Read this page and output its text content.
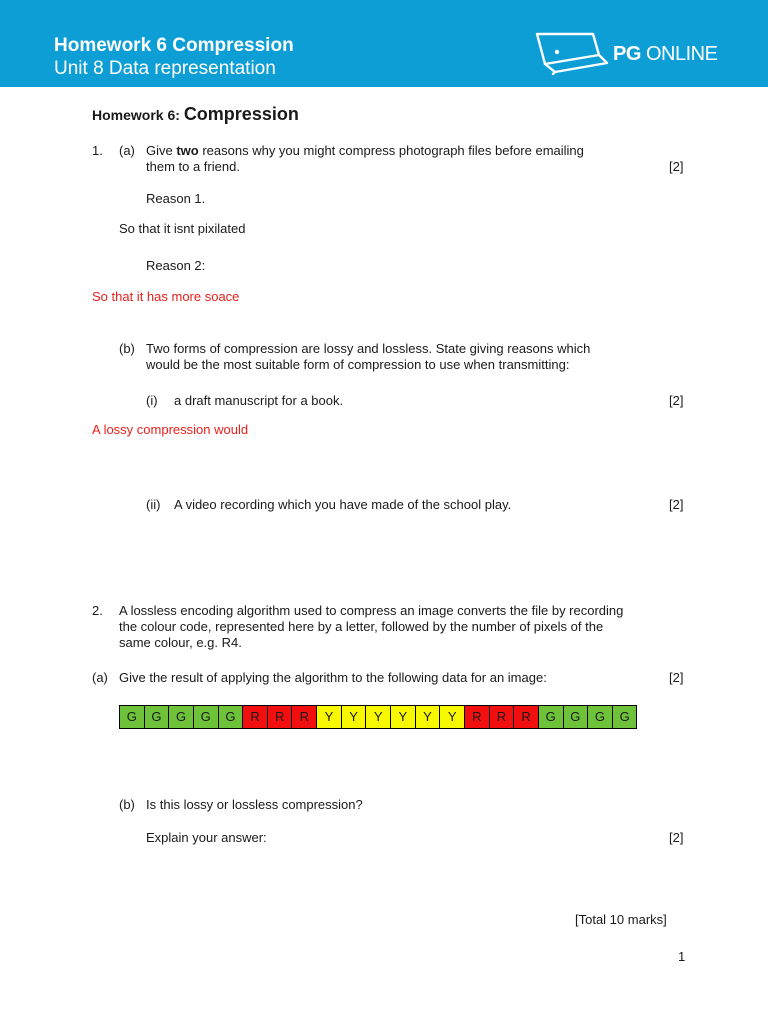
Homework 6 Compression
Unit 8 Data representation
PG ONLINE
Homework 6: Compression
1. (a) Give two reasons why you might compress photograph files before emailing
them to a friend.	[2]
Reason 1.
So that it isnt pixilated
Reason 2:
So that it has more soace
(b) Two forms of compression are lossy and lossless. State giving reasons which
would be the most suitable form of compression to use when transmitting:
(i) a draft manuscript for a book.	[2]
A lossy compression would
(ii) A video recording which you have made of the school play.	[2]
2. A lossless encoding algorithm used to compress an image converts the file by recording
the colour code, represented here by a letter, followed by the number of pixels of the
same colour, e.g. R4.
(a) Give the result of applying the algorithm to the following data for an image:	[2]
G	G	G	G	G	R	R	R	Y	Y	Y	Y	Y	Y	R	R	R	G	G	G	G
(b) Is this lossy or lossless compression?
Explain your answer:	[2]
[Total 10 marks]
1
